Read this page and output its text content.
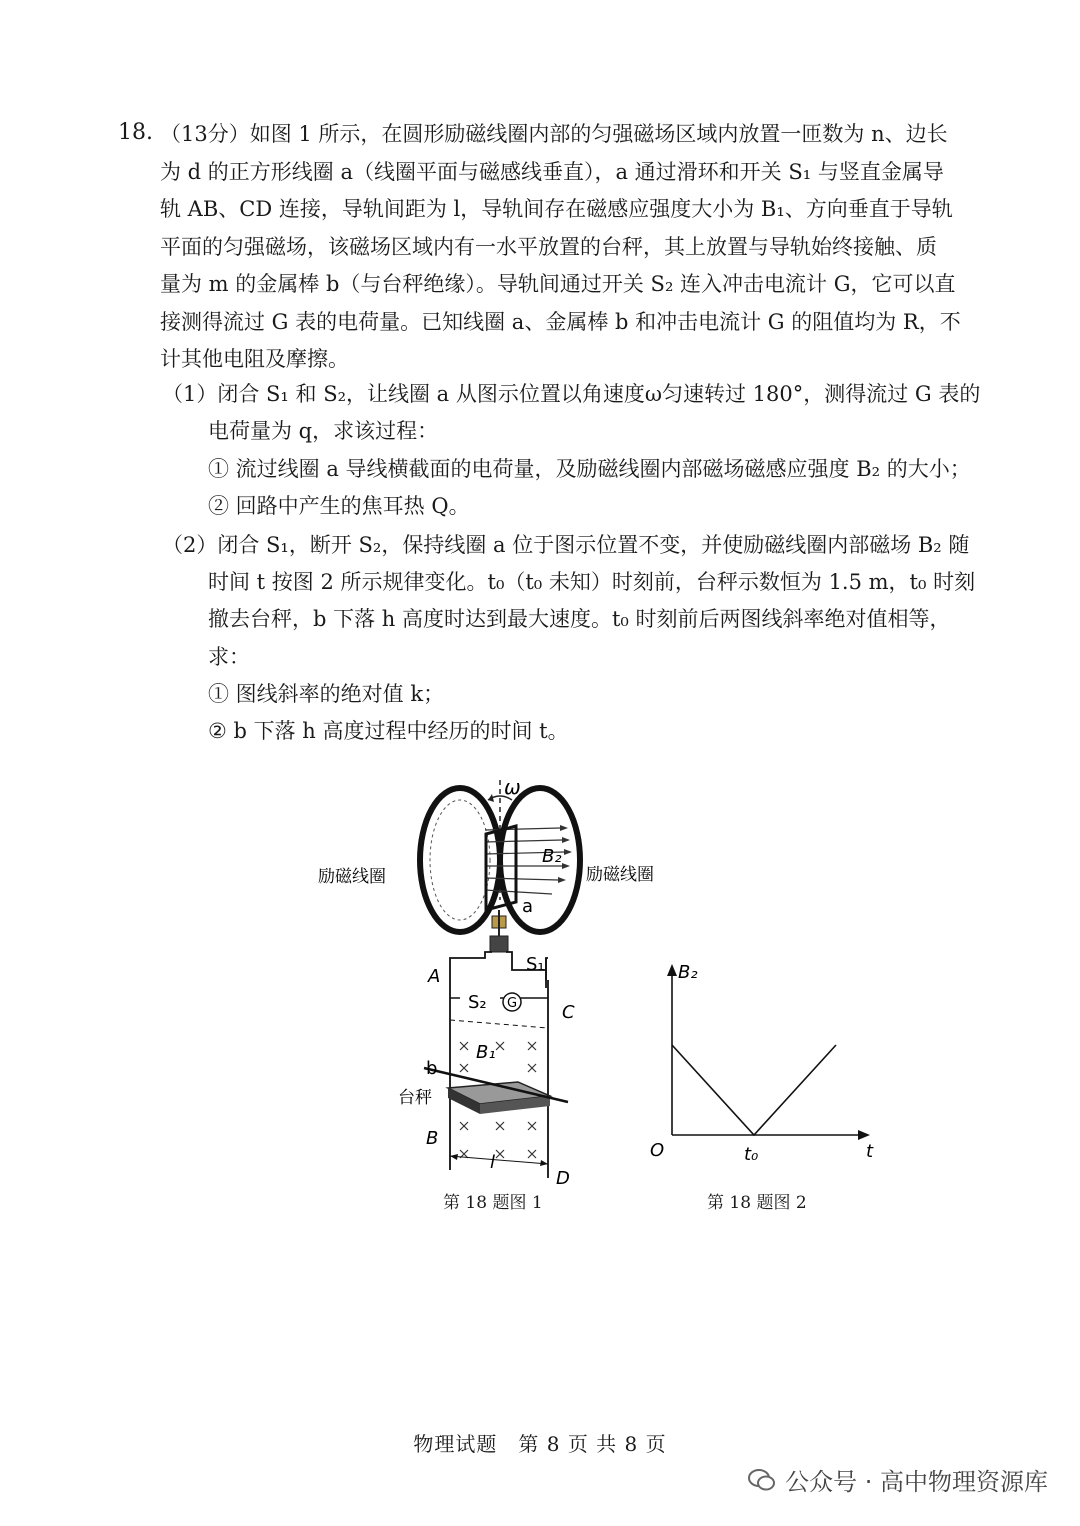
18. （13分）如图 1 所示，在圆形励磁线圈内部的匀强磁场区域内放置一匝数为 n、边长
为 d 的正方形线圈 a（线圈平面与磁感线垂直），a 通过滑环和开关 S₁ 与竖直金属导
轨 AB、CD 连接，导轨间距为 l，导轨间存在磁感应强度大小为 B₁、方向垂直于导轨
平面的匀强磁场，该磁场区域内有一水平放置的台秤，其上放置与导轨始终接触、质
量为 m 的金属棒 b（与台秤绝缘）。导轨间通过开关 S₂ 连入冲击电流计 G，它可以直
接测得流过 G 表的电荷量。已知线圈 a、金属棒 b 和冲击电流计 G 的阻值均为 R，不
计其他电阻及摩擦。
（1）闭合 S₁ 和 S₂，让线圈 a 从图示位置以角速度ω匀速转过 180°，测得流过 G 表的
电荷量为 q，求该过程：
① 流过线圈 a 导线横截面的电荷量，及励磁线圈内部磁场磁感应强度 B₂ 的大小；
② 回路中产生的焦耳热 Q。
（2）闭合 S₁，断开 S₂，保持线圈 a 位于图示位置不变，并使励磁线圈内部磁场 B₂ 随
时间 t 按图 2 所示规律变化。t₀（t₀ 未知）时刻前，台秤示数恒为 1.5 m，t₀ 时刻
撤去台秤，b 下落 h 高度时达到最大速度。t₀ 时刻前后两图线斜率绝对值相等，
求：
① 图线斜率的绝对值 k；
② b 下落 h 高度过程中经历的时间 t。
ω
B₂
a
励磁线圈	励磁线圈
S₁
A
G
S₂	C
B₁
b
台秤
B
l
D
第 18 题图 1
B₂
t
O	t₀
第 18 题图 2
物理试题　第 8 页 共 8 页
公众号 · 高中物理资源库
